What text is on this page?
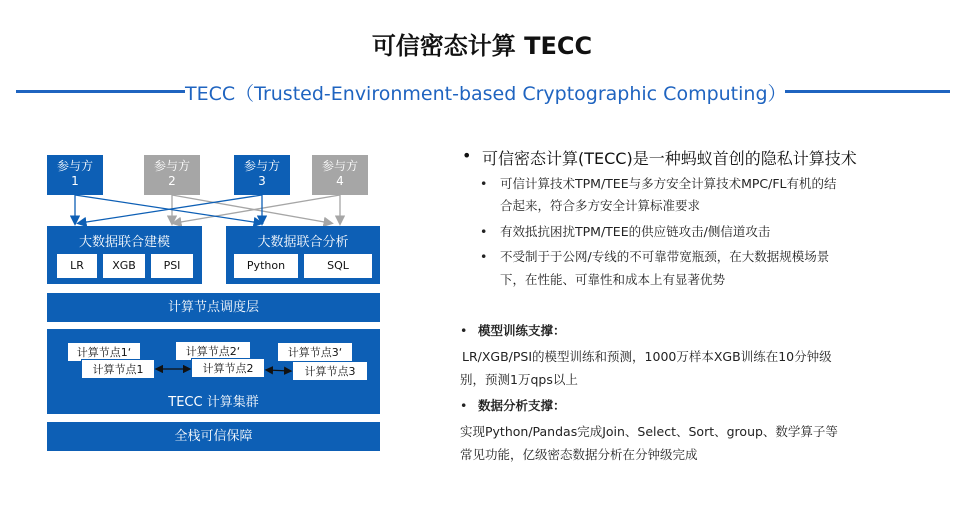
可信密态计算 TECC
TECC（Trusted-Environment-based Cryptographic Computing）
参与方
1
参与方
2
参与方
3
参与方
4
大数据联合建模
LR	XGB	PSI
大数据联合分析
Python	SQL
计算节点调度层
计算节点1‘	计算节点2‘	计算节点3‘
计算节点1	计算节点2	计算节点3
TECC 计算集群
全栈可信保障
• 可信密态计算(TECC)是一种蚂蚁首创的隐私计算技术
• 可信计算技术TPM/TEE与多方安全计算技术MPC/FL有机的结
合起来，符合多方安全计算标准要求
• 有效抵抗困扰TPM/TEE的供应链攻击/侧信道攻击
• 不受制于于公网/专线的不可靠带宽瓶颈，在大数据规模场景
下，在性能、可靠性和成本上有显著优势
• 模型训练支撑：
LR/XGB/PSI的模型训练和预测，1000万样本XGB训练在10分钟级
别，预测1万qps以上
• 数据分析支撑：
实现Python/Pandas完成Join、Select、Sort、group、数学算子等
常见功能，亿级密态数据分析在分钟级完成
